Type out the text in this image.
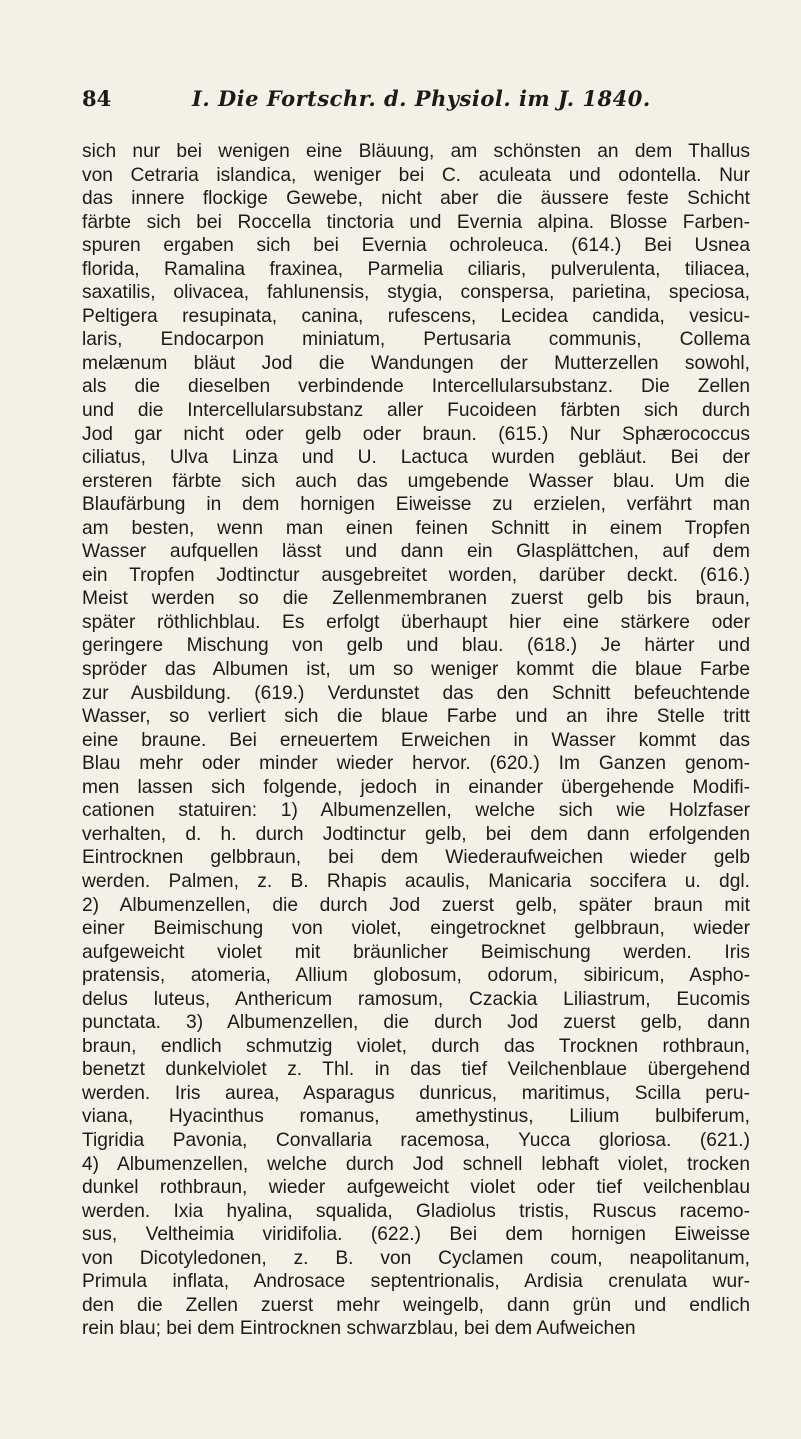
84	I. Die Fortschr. d. Physiol. im J. 1840.
sich nur bei wenigen eine Bläuung, am schönsten an dem Thallus
von Cetraria islandica, weniger bei C. aculeata und odontella. Nur
das innere flockige Gewebe, nicht aber die äussere feste Schicht
färbte sich bei Roccella tinctoria und Evernia alpina. Blosse Farben-
spuren ergaben sich bei Evernia ochroleuca. (614.) Bei Usnea
florida, Ramalina fraxinea, Parmelia ciliaris, pulverulenta, tiliacea,
saxatilis, olivacea, fahlunensis, stygia, conspersa, parietina, speciosa,
Peltigera resupinata, canina, rufescens, Lecidea candida, vesicu-
laris, Endocarpon miniatum, Pertusaria communis, Collema
melænum bläut Jod die Wandungen der Mutterzellen sowohl,
als die dieselben verbindende Intercellularsubstanz. Die Zellen
und die Intercellularsubstanz aller Fucoideen färbten sich durch
Jod gar nicht oder gelb oder braun. (615.) Nur Sphærococcus
ciliatus, Ulva Linza und U. Lactuca wurden gebläut. Bei der
ersteren färbte sich auch das umgebende Wasser blau. Um die
Blaufärbung in dem hornigen Eiweisse zu erzielen, verfährt man
am besten, wenn man einen feinen Schnitt in einem Tropfen
Wasser aufquellen lässt und dann ein Glasplättchen, auf dem
ein Tropfen Jodtinctur ausgebreitet worden, darüber deckt. (616.)
Meist werden so die Zellenmembranen zuerst gelb bis braun,
später röthlichblau. Es erfolgt überhaupt hier eine stärkere oder
geringere Mischung von gelb und blau. (618.) Je härter und
spröder das Albumen ist, um so weniger kommt die blaue Farbe
zur Ausbildung. (619.) Verdunstet das den Schnitt befeuchtende
Wasser, so verliert sich die blaue Farbe und an ihre Stelle tritt
eine braune. Bei erneuertem Erweichen in Wasser kommt das
Blau mehr oder minder wieder hervor. (620.) Im Ganzen genom-
men lassen sich folgende, jedoch in einander übergehende Modifi-
cationen statuiren: 1) Albumenzellen, welche sich wie Holzfaser
verhalten, d. h. durch Jodtinctur gelb, bei dem dann erfolgenden
Eintrocknen gelbbraun, bei dem Wiederaufweichen wieder gelb
werden. Palmen, z. B. Rhapis acaulis, Manicaria soccifera u. dgl.
2) Albumenzellen, die durch Jod zuerst gelb, später braun mit
einer Beimischung von violet, eingetrocknet gelbbraun, wieder
aufgeweicht violet mit bräunlicher Beimischung werden. Iris
pratensis, atomeria, Allium globosum, odorum, sibiricum, Aspho-
delus luteus, Anthericum ramosum, Czackia Liliastrum, Eucomis
punctata. 3) Albumenzellen, die durch Jod zuerst gelb, dann
braun, endlich schmutzig violet, durch das Trocknen rothbraun,
benetzt dunkelviolet z. Thl. in das tief Veilchenblaue übergehend
werden. Iris aurea, Asparagus dunricus, maritimus, Scilla peru-
viana, Hyacinthus romanus, amethystinus, Lilium bulbiferum,
Tigridia Pavonia, Convallaria racemosa, Yucca gloriosa. (621.)
4) Albumenzellen, welche durch Jod schnell lebhaft violet, trocken
dunkel rothbraun, wieder aufgeweicht violet oder tief veilchenblau
werden. Ixia hyalina, squalida, Gladiolus tristis, Ruscus racemo-
sus, Veltheimia viridifolia. (622.) Bei dem hornigen Eiweisse
von Dicotyledonen, z. B. von Cyclamen coum, neapolitanum,
Primula inflata, Androsace septentrionalis, Ardisia crenulata wur-
den die Zellen zuerst mehr weingelb, dann grün und endlich
rein blau; bei dem Eintrocknen schwarzblau, bei dem Aufweichen
